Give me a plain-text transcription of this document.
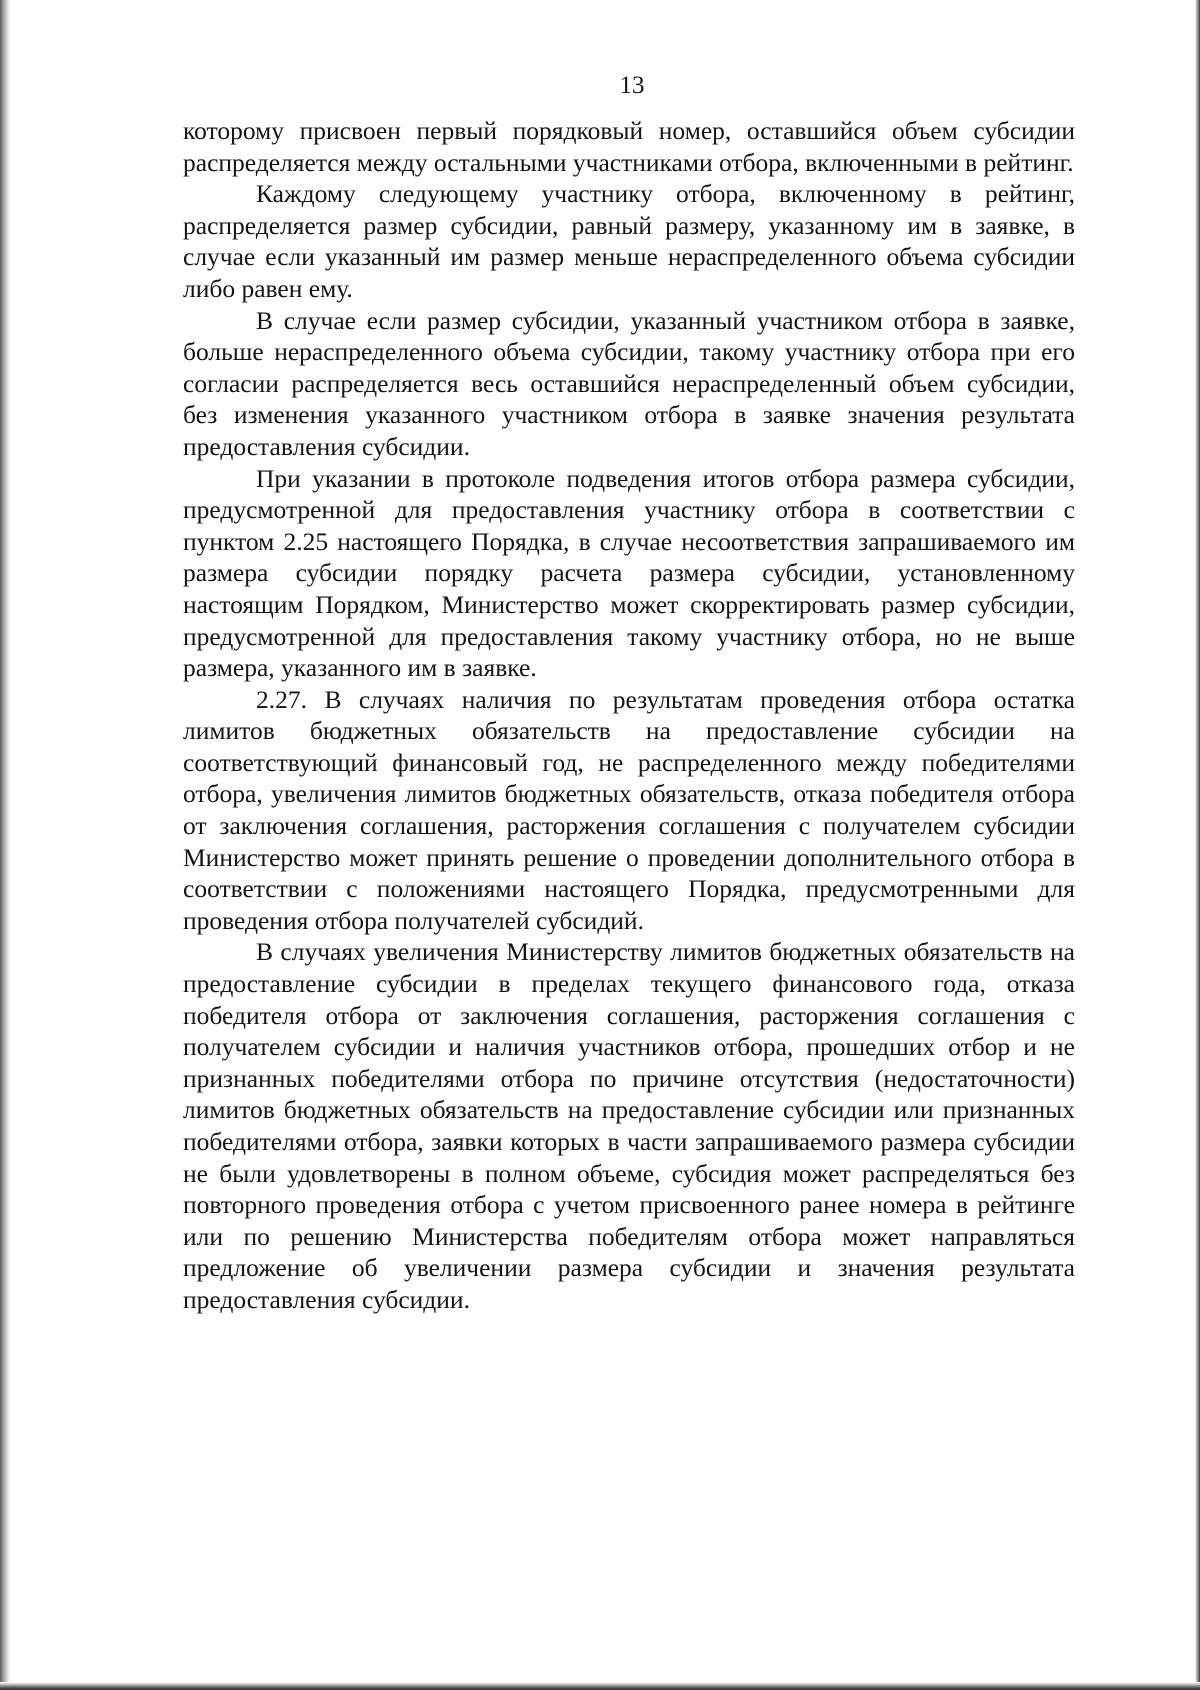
13

которому присвоен первый порядковый номер, оставшийся объем субсидии распределяется между остальными участниками отбора, включенными в рейтинг.

Каждому следующему участнику отбора, включенному в рейтинг, распределяется размер субсидии, равный размеру, указанному им в заявке, в случае если указанный им размер меньше нераспределенного объема субсидии либо равен ему.

В случае если размер субсидии, указанный участником отбора в заявке, больше нераспределенного объема субсидии, такому участнику отбора при его согласии распределяется весь оставшийся нераспределенный объем субсидии, без изменения указанного участником отбора в заявке значения результата предоставления субсидии.

При указании в протоколе подведения итогов отбора размера субсидии, предусмотренной для предоставления участнику отбора в соответствии с пунктом 2.25 настоящего Порядка, в случае несоответствия запрашиваемого им размера субсидии порядку расчета размера субсидии, установленному настоящим Порядком, Министерство может скорректировать размер субсидии, предусмотренной для предоставления такому участнику отбора, но не выше размера, указанного им в заявке.

2.27. В случаях наличия по результатам проведения отбора остатка лимитов бюджетных обязательств на предоставление субсидии на соответствующий финансовый год, не распределенного между победителями отбора, увеличения лимитов бюджетных обязательств, отказа победителя отбора от заключения соглашения, расторжения соглашения с получателем субсидии Министерство может принять решение о проведении дополнительного отбора в соответствии с положениями настоящего Порядка, предусмотренными для проведения отбора получателей субсидий.

В случаях увеличения Министерству лимитов бюджетных обязательств на предоставление субсидии в пределах текущего финансового года, отказа победителя отбора от заключения соглашения, расторжения соглашения с получателем субсидии и наличия участников отбора, прошедших отбор и не признанных победителями отбора по причине отсутствия (недостаточности) лимитов бюджетных обязательств на предоставление субсидии или признанных победителями отбора, заявки которых в части запрашиваемого размера субсидии не были удовлетворены в полном объеме, субсидия может распределяться без повторного проведения отбора с учетом присвоенного ранее номера в рейтинге или по решению Министерства победителям отбора может направляться предложение об увеличении размера субсидии и значения результата предоставления субсидии.
